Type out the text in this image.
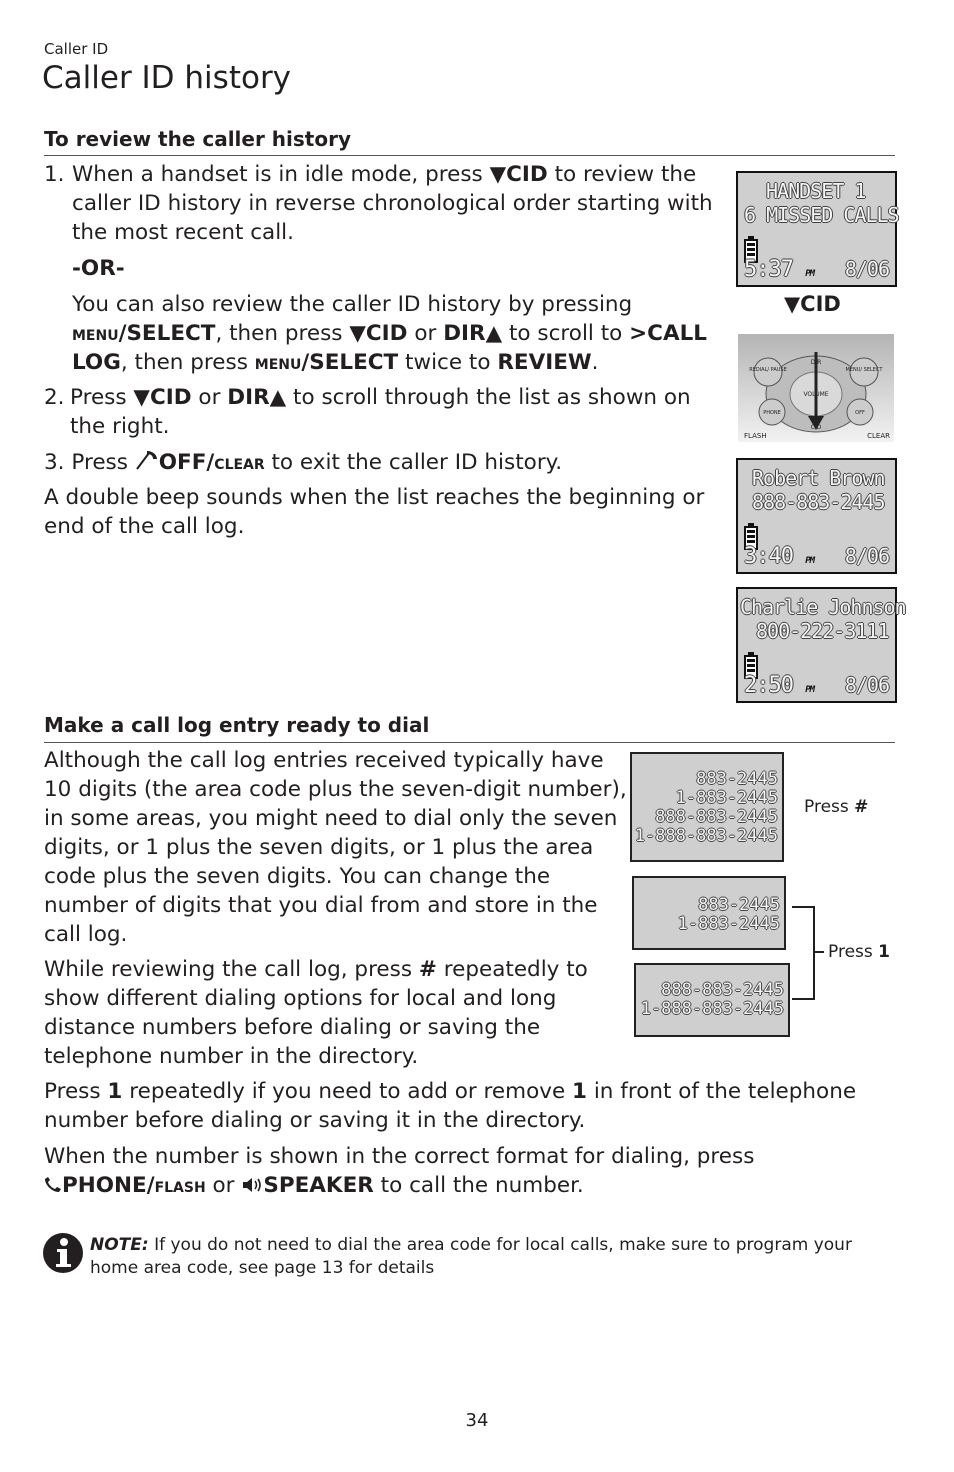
Caller ID
Caller ID history
To review the caller history
1. When a handset is in idle mode, press ▼CID to review the caller ID history in reverse chronological order starting with the most recent call.
-OR-
You can also review the caller ID history by pressing menu/SELECT, then press ▼CID or DIR▲ to scroll to >CALL LOG, then press menu/SELECT twice to REVIEW.
2. Press ▼CID or DIR▲ to scroll through the list as shown on the right.
3. Press OFF/clear to exit the caller ID history.
A double beep sounds when the list reaches the beginning or end of the call log.
HANDSET 1
6 MISSED CALLS
5:37 PM 8/06
▼CID
REDIAL/ PAUSE	MENU/ SELECT
DIR
VOLUME
CID
PHONE	OFF
FLASH	CLEAR
Robert Brown
888-883-2445
3:40 PM 8/06
Charlie Johnson
800-222-3111
2:50 PM 8/06
Make a call log entry ready to dial
Although the call log entries received typically have 10 digits (the area code plus the seven-digit number), in some areas, you might need to dial only the seven digits, or 1 plus the seven digits, or 1 plus the area code plus the seven digits. You can change the number of digits that you dial from and store in the call log.
While reviewing the call log, press # repeatedly to show different dialing options for local and long distance numbers before dialing or saving the telephone number in the directory.
Press 1 repeatedly if you need to add or remove 1 in front of the telephone number before dialing or saving it in the directory.
When the number is shown in the correct format for dialing, press
PHONE/flash or SPEAKER to call the number.
883-2445
1-883-2445
888-883-2445
1-888-883-2445
Press #
883-2445
1-883-2445
888-883-2445
1-888-883-2445
Press 1
NOTE: If you do not need to dial the area code for local calls, make sure to program your home area code, see page 13 for details
34
